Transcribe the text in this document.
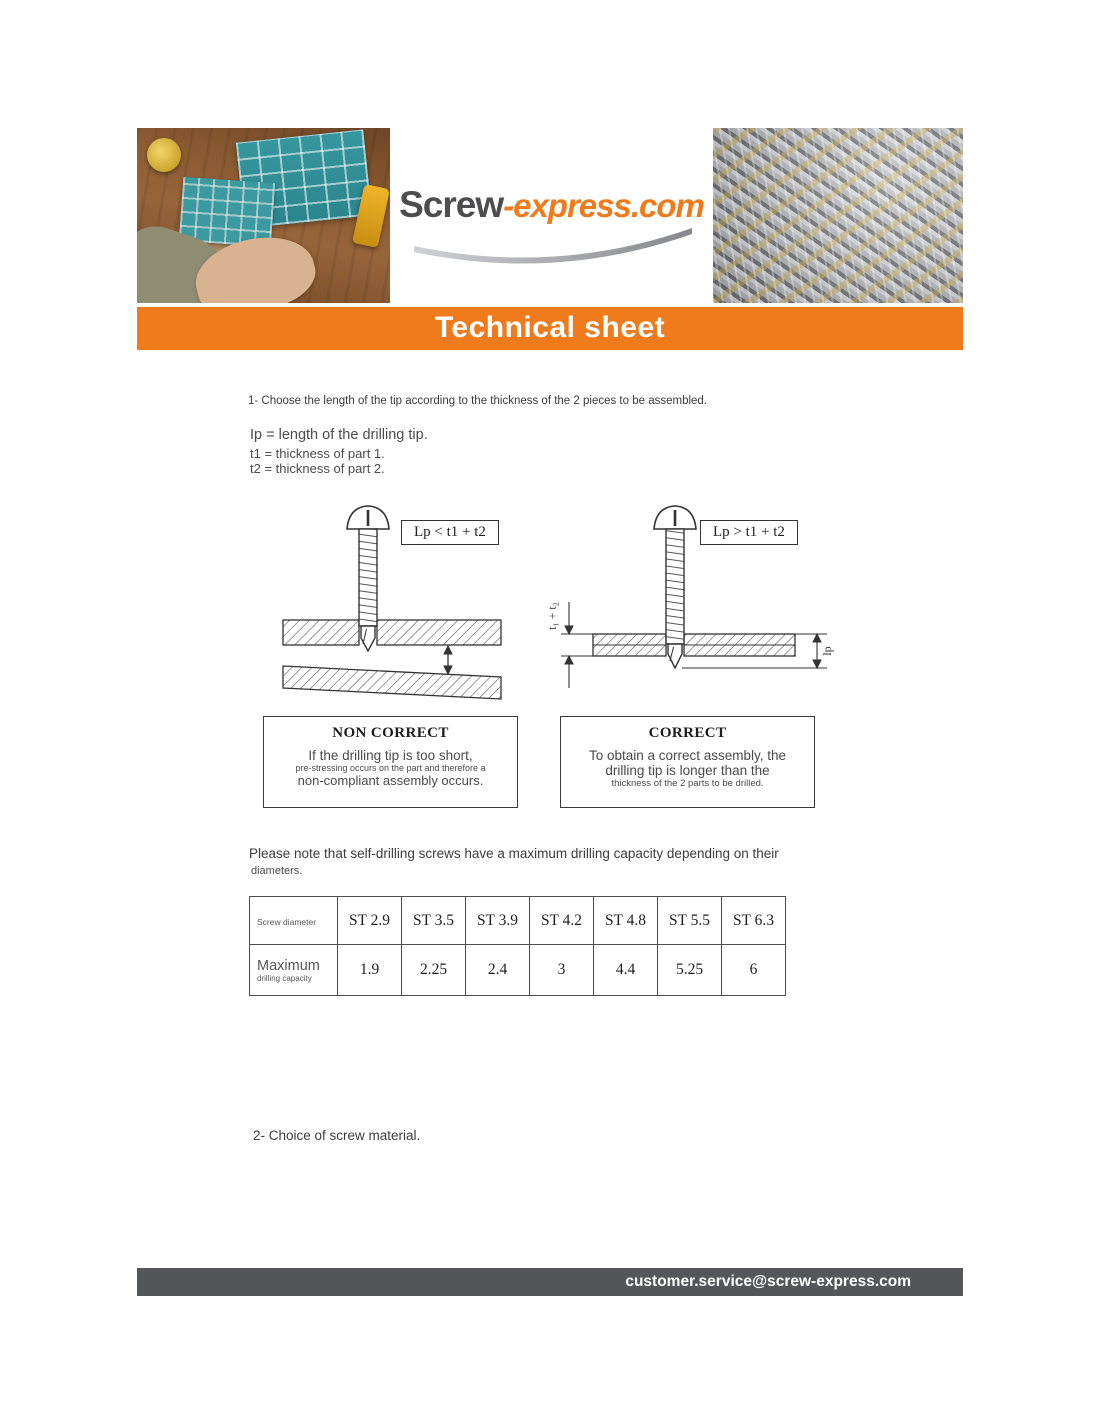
Screw-express.com
Technical sheet
1- Choose the length of the tip according to the thickness of the 2 pieces to be assembled.
Ip = length of the drilling tip.
t1 = thickness of part 1.
t2 = thickness of part 2.
Lp < t1 + t2
t₁ + t₂
lp
Lp > t1 + t2
NON CORRECT
If the drilling tip is too short,
pre-stressing occurs on the part and therefore a
non-compliant assembly occurs.
CORRECT
To obtain a correct assembly, the
drilling tip is longer than the
thickness of the 2 parts to be drilled.
Please note that self-drilling screws have a maximum drilling capacity depending on their
diameters.
Screw diameter	ST 2.9	ST 3.5	ST 3.9	ST 4.2	ST 4.8	ST 5.5	ST 6.3

Maximum
drilling capacity	1.9	2.25	2.4	3	4.4	5.25	6
2- Choice of screw material.
customer.service@screw-express.com
